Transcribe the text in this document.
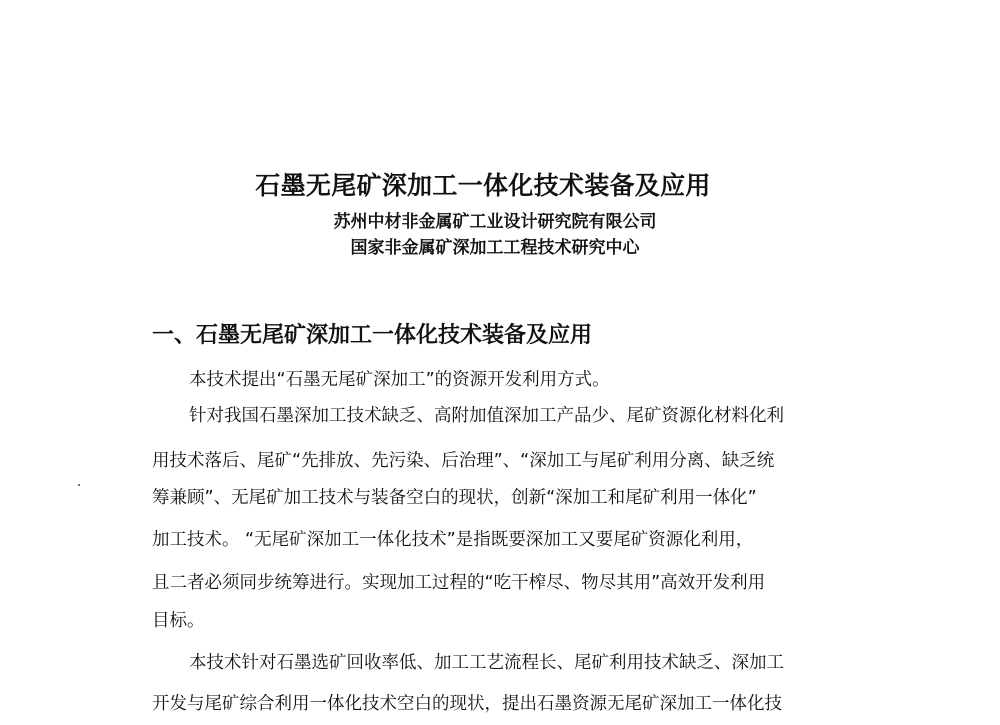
石墨无尾矿深加工一体化技术装备及应用
苏州中材非金属矿工业设计研究院有限公司
国家非金属矿深加工工程技术研究中心
一、石墨无尾矿深加工一体化技术装备及应用
本技术提出“石墨无尾矿深加工”的资源开发利用方式。
针对我国石墨深加工技术缺乏、高附加值深加工产品少、尾矿资源化材料化利
用技术落后、尾矿“先排放、先污染、后治理”、“深加工与尾矿利用分离、缺乏统
筹兼顾”、无尾矿加工技术与装备空白的现状，创新“深加工和尾矿利用一体化”
加工技术。 “无尾矿深加工一体化技术”是指既要深加工又要尾矿资源化利用，
且二者必须同步统筹进行。实现加工过程的“吃干榨尽、物尽其用”高效开发利用
目标。
本技术针对石墨选矿回收率低、加工工艺流程长、尾矿利用技术缺乏、深加工
开发与尾矿综合利用一体化技术空白的现状，提出石墨资源无尾矿深加工一体化技
